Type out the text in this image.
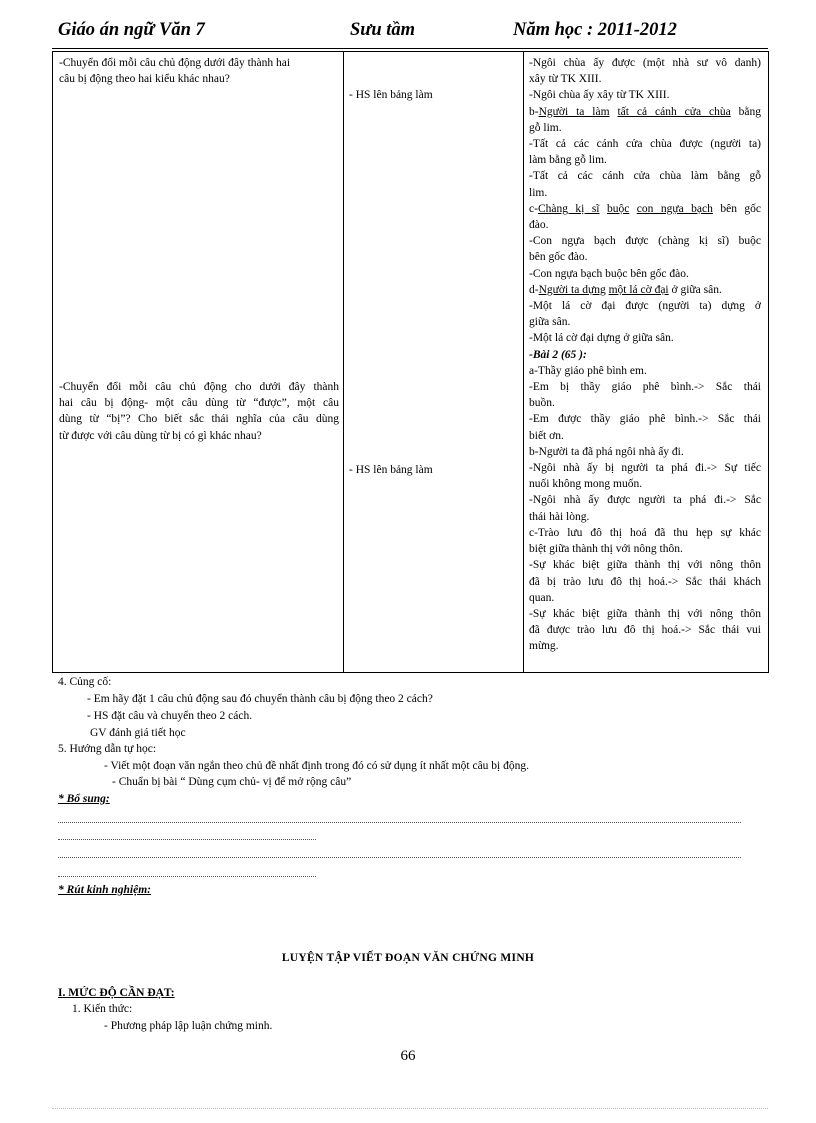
Giáo án ngữ Văn 7	Sưu tầm	Năm học : 2011-2012
-Chuyển đổi mỗi câu chủ động dưới đây thành hai
câu bị động theo hai kiểu khác nhau?
-Chuyển đổi mỗi câu chủ động cho dưới đây thành
hai câu bị động- một câu dùng từ “được”, một câu
dùng từ “bị”? Cho biết sắc thái nghĩa của câu dùng
từ được với câu dùng từ bị có gì khác nhau?
- HS lên bảng làm
- HS lên bảng làm
-Ngôi chùa ấy được (một nhà sư vô danh)
xây từ TK XIII.
-Ngôi chùa ấy xây từ TK XIII.
b-Người ta làm tất cả cánh cửa chùa bằng
gỗ lim.
-Tất cả các cánh cửa chùa được (người ta)
làm bằng gỗ lim.
-Tất cả các cánh cửa chùa làm bằng gỗ
lim.
c-Chàng kị sĩ buộc con ngựa bạch bên gốc
đào.
-Con ngựa bạch được (chàng kị sĩ) buộc
bên gốc đào.
-Con ngựa bạch buộc bên gốc đào.
d-Người ta dựng một lá cờ đại ở giữa sân.
-Một lá cờ đại được (người ta) dựng ở
giữa sân.
-Một lá cờ đại dựng ở giữa sân.
-Bài 2 (65 ):
a-Thầy giáo phê bình em.
-Em bị thầy giáo phê bình.-> Sắc thái
buồn.
-Em được thầy giáo phê bình.-> Sắc thái
biết ơn.
b-Người ta đã phá ngôi nhà ấy đi.
-Ngôi nhà ấy bị người ta phá đi.-> Sự tiếc
nuối không mong muốn.
-Ngôi nhà ấy được người ta phá đi.-> Sắc
thái hài lòng.
c-Trào lưu đô thị hoá đã thu hẹp sự khác
biệt giữa thành thị với nông thôn.
-Sự khác biệt giữa thành thị với nông thôn
đã bị trào lưu đô thị hoá.-> Sắc thái khách
quan.
-Sự khác biệt giữa thành thị với nông thôn
đã được trào lưu đô thị hoá.-> Sắc thái vui
mừng.
4. Củng cố:
- Em hãy đặt 1 câu chủ động sau đó chuyển thành câu bị động theo 2 cách?
- HS đặt câu và chuyển theo 2 cách.
GV đánh giá tiết học
5. Hướng dẫn tự học:
- Viết một đoạn văn ngắn theo chủ đề nhất định trong đó có sử dụng ít nhất một câu bị động.
- Chuẩn bị bài “ Dùng cụm chủ- vị để mở rộng câu”
* Bổ sung:
* Rút kinh nghiệm:
LUYỆN TẬP VIẾT ĐOẠN VĂN CHỨNG MINH
I. MỨC ĐỘ CẦN ĐẠT:
1. Kiến thức:
- Phương pháp lập luận chứng minh.
66
